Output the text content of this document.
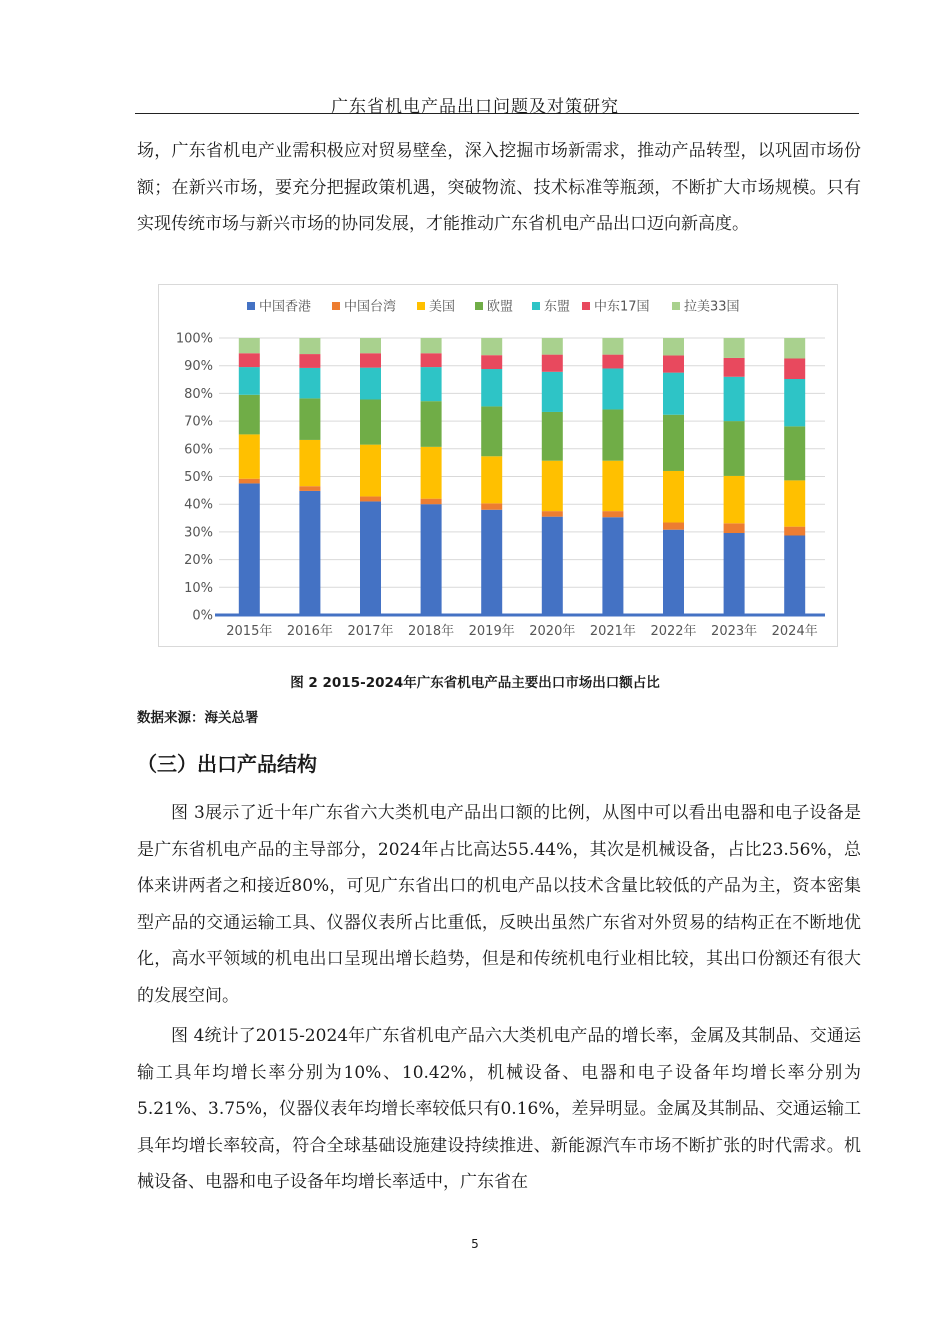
广东省机电产品出口问题及对策研究

场，广东省机电产业需积极应对贸易壁垒，深入挖掘市场新需求，推动产品转型，以巩固市场份额；在新兴市场，要充分把握政策机遇，突破物流、技术标准等瓶颈，不断扩大市场规模。只有实现传统市场与新兴市场的协同发展，才能推动广东省机电产品出口迈向新高度。

0%
10%
20%
30%
40%
50%
60%
70%
80%
90%
100%
2015年 2016年 2017年 2018年 2019年 2020年 2021年 2022年 2023年 2024年
中国香港	中国台湾	美国 欧盟 东盟 中东17国	拉美33国
图 2 2015-2024年广东省机电产品主要出口市场出口额占比
数据来源：海关总署
（三）出口产品结构

图 3展示了近十年广东省六大类机电产品出口额的比例，从图中可以看出电器和电子设备是是广东省机电产品的主导部分，2024年占比高达55.44%，其次是机械设备，占比23.56%，总体来讲两者之和接近80%，可见广东省出口的机电产品以技术含量比较低的产品为主，资本密集型产品的交通运输工具、仪器仪表所占比重低，反映出虽然广东省对外贸易的结构正在不断地优化，高水平领域的机电出口呈现出增长趋势，但是和传统机电行业相比较，其出口份额还有很大的发展空间。

图 4统计了2015-2024年广东省机电产品六大类机电产品的增长率，金属及其制品、交通运输工具年均增长率分别为10%、10.42%，机械设备、电器和电子设备年均增长率分别为5.21%、3.75%，仪器仪表年均增长率较低只有0.16%，差异明显。金属及其制品、交通运输工具年均增长率较高，符合全球基础设施建设持续推进、新能源汽车市场不断扩张的时代需求。机械设备、电器和电子设备年均增长率适中，广东省在

5
